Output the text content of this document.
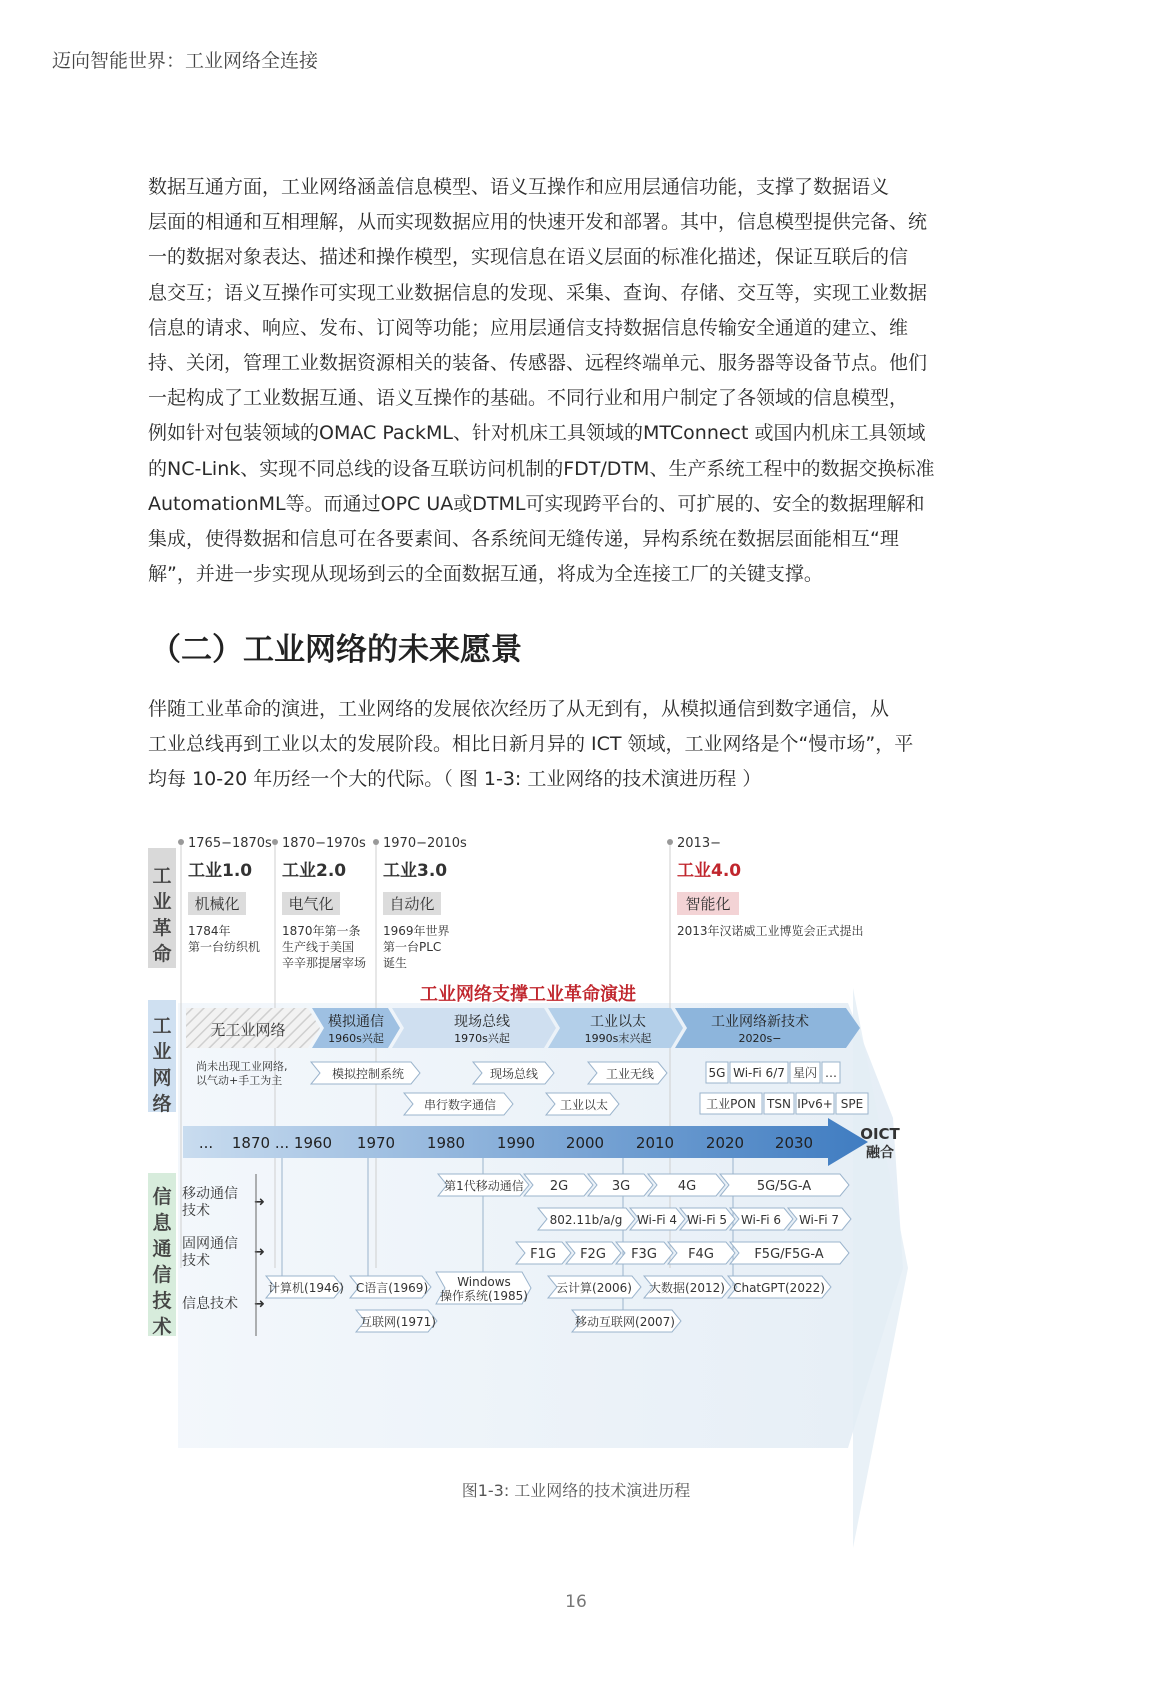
迈向智能世界：工业网络全连接
数据互通方面，工业网络涵盖信息模型、语义互操作和应用层通信功能，支撑了数据语义
层面的相通和互相理解，从而实现数据应用的快速开发和部署。其中，信息模型提供完备、统
一的数据对象表达、描述和操作模型，实现信息在语义层面的标准化描述，保证互联后的信
息交互；语义互操作可实现工业数据信息的发现、采集、查询、存储、交互等，实现工业数据
信息的请求、响应、发布、订阅等功能；应用层通信支持数据信息传输安全通道的建立、维
持、关闭，管理工业数据资源相关的装备、传感器、远程终端单元、服务器等设备节点。他们
一起构成了工业数据互通、语义互操作的基础。不同行业和用户制定了各领域的信息模型，
例如针对包装领域的OMAC PackML、针对机床工具领域的MTConnect 或国内机床工具领域
的NC-Link、实现不同总线的设备互联访问机制的FDT/DTM、生产系统工程中的数据交换标准
AutomationML等。而通过OPC UA或DTML可实现跨平台的、可扩展的、安全的数据理解和
集成，使得数据和信息可在各要素间、各系统间无缝传递，异构系统在数据层面能相互“理
解”，并进一步实现从现场到云的全面数据互通，将成为全连接工厂的关键支撑。
（二）工业网络的未来愿景
伴随工业革命的演进，工业网络的发展依次经历了从无到有，从模拟通信到数字通信，从
工业总线再到工业以太的发展阶段。相比日新月异的 ICT 领域，工业网络是个“慢市场”，平
均每 10-20 年历经一个大的代际。（ 图 1-3: 工业网络的技术演进历程 ）
工
业
革
命
工
业
网
络
信
息
通
信
技
术
1765−1870s
工业1.0
机械化
1784年
第一台纺织机
1870−1970s
工业2.0
电气化
1870年第一条
生产线于美国
辛辛那提屠宰场
1970−2010s
工业3.0
自动化
1969年世界
第一台PLC
诞生
2013−
工业4.0
智能化
2013年汉诺威工业博览会正式提出
工业网络支撑工业革命演进
无工业网络	模拟通信
1960s兴起
现场总线
1970s兴起
工业以太
1990s末兴起
工业网络新技术
2020s−
尚未出现工业网络,
以气动+手工为主	模拟控制系统
串行数字通信
现场总线
工业以太
工业无线	5G Wi-Fi 6/7 星闪 …
工业PON TSN IPv6+ SPE
... 1870 ... 1960 1970 1980 1990 2000 2010 2020 2030	OICT
融合
移动通信
技术
➜
固网通信
技术
➜
信息技术 ➜
第1代移动通信 2G	3G	4G	5G/5G-A
802.11b/a/g Wi-Fi 4 Wi-Fi 5 Wi-Fi 6 Wi-Fi 7
F1G F2G F3G F4G	F5G/F5G-A
计算机(1946) C语言(1969) Windows
操作系统(1985)
云计算(2006) 大数据(2012) ChatGPT(2022)
互联网(1971)	移动互联网(2007)
图1-3: 工业网络的技术演进历程
16
